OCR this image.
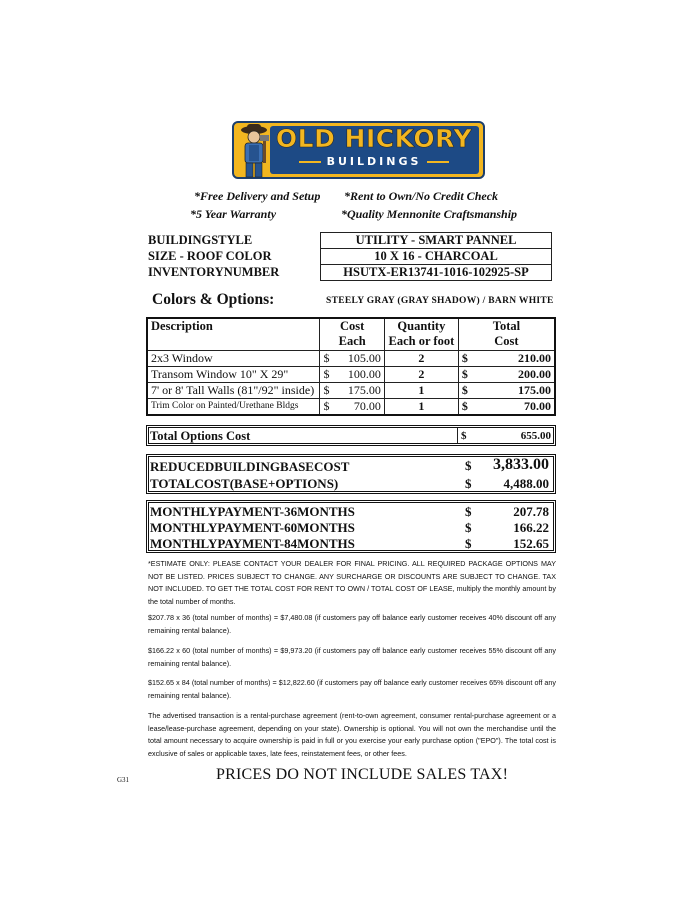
OLD HICKORY
BUILDINGS
*Free Delivery and Setup *Rent to Own/No Credit Check
*5 Year Warranty	*Quality Mennonite Craftsmanship
BUILDINGSTYLE	UTILITY - SMART PANNEL
SIZE - ROOF COLOR	10 X 16 - CHARCOAL
INVENTORYNUMBER	HSUTX-ER13741-1016-102925-SP
Colors & Options:	STEELY GRAY (GRAY SHADOW) / BARN WHITE
Description	Cost	Quantity	Total
	Each	Each or foot	Cost
2x3 Window	$ 105.00	2	$ 210.00

Transom Window 10" X 29"	$ 100.00	2	$ 200.00

7' or 8' Tall Walls (81"/92" inside)	$ 175.00	1	$ 175.00

Trim Color on Painted/Urethane Bldgs	$ 70.00	1	$ 70.00
Total Options Cost	$	655.00
REDUCEDBUILDINGBASECOST	$	3,833.00
TOTALCOST(BASE+OPTIONS)	$	4,488.00
MONTHLYPAYMENT-36MONTHS	$	207.78
MONTHLYPAYMENT-60MONTHS	$	166.22
MONTHLYPAYMENT-84MONTHS	$	152.65
*ESTIMATE ONLY: PLEASE CONTACT YOUR DEALER FOR FINAL PRICING. ALL REQUIRED PACKAGE OPTIONS MAY NOT BE LISTED. PRICES SUBJECT TO CHANGE. ANY SURCHARGE OR DISCOUNTS ARE SUBJECT TO CHANGE. TAX NOT INCLUDED. TO GET THE TOTAL COST FOR RENT TO OWN / TOTAL COST OF LEASE, multiply the monthly amount by the total number of months.
$207.78 x 36 (total number of months) = $7,480.08 (if customers pay off balance early customer receives 40% discount off any remaining rental balance).
$166.22 x 60 (total number of months) = $9,973.20 (if customers pay off balance early customer receives 55% discount off any remaining rental balance).
$152.65 x 84 (total number of months) = $12,822.60 (if customers pay off balance early customer receives 65% discount off any remaining rental balance).
The advertised transaction is a rental-purchase agreement (rent-to-own agreement, consumer rental-purchase agreement or a lease/lease-purchase agreement, depending on your state). Ownership is optional. You will not own the merchandise until the total amount necessary to acquire ownership is paid in full or you exercise your early purchase option ("EPO"). The total cost is exclusive of sales or applicable taxes, late fees, reinstatement fees, or other fees.
G31	PRICES DO NOT INCLUDE SALES TAX!
